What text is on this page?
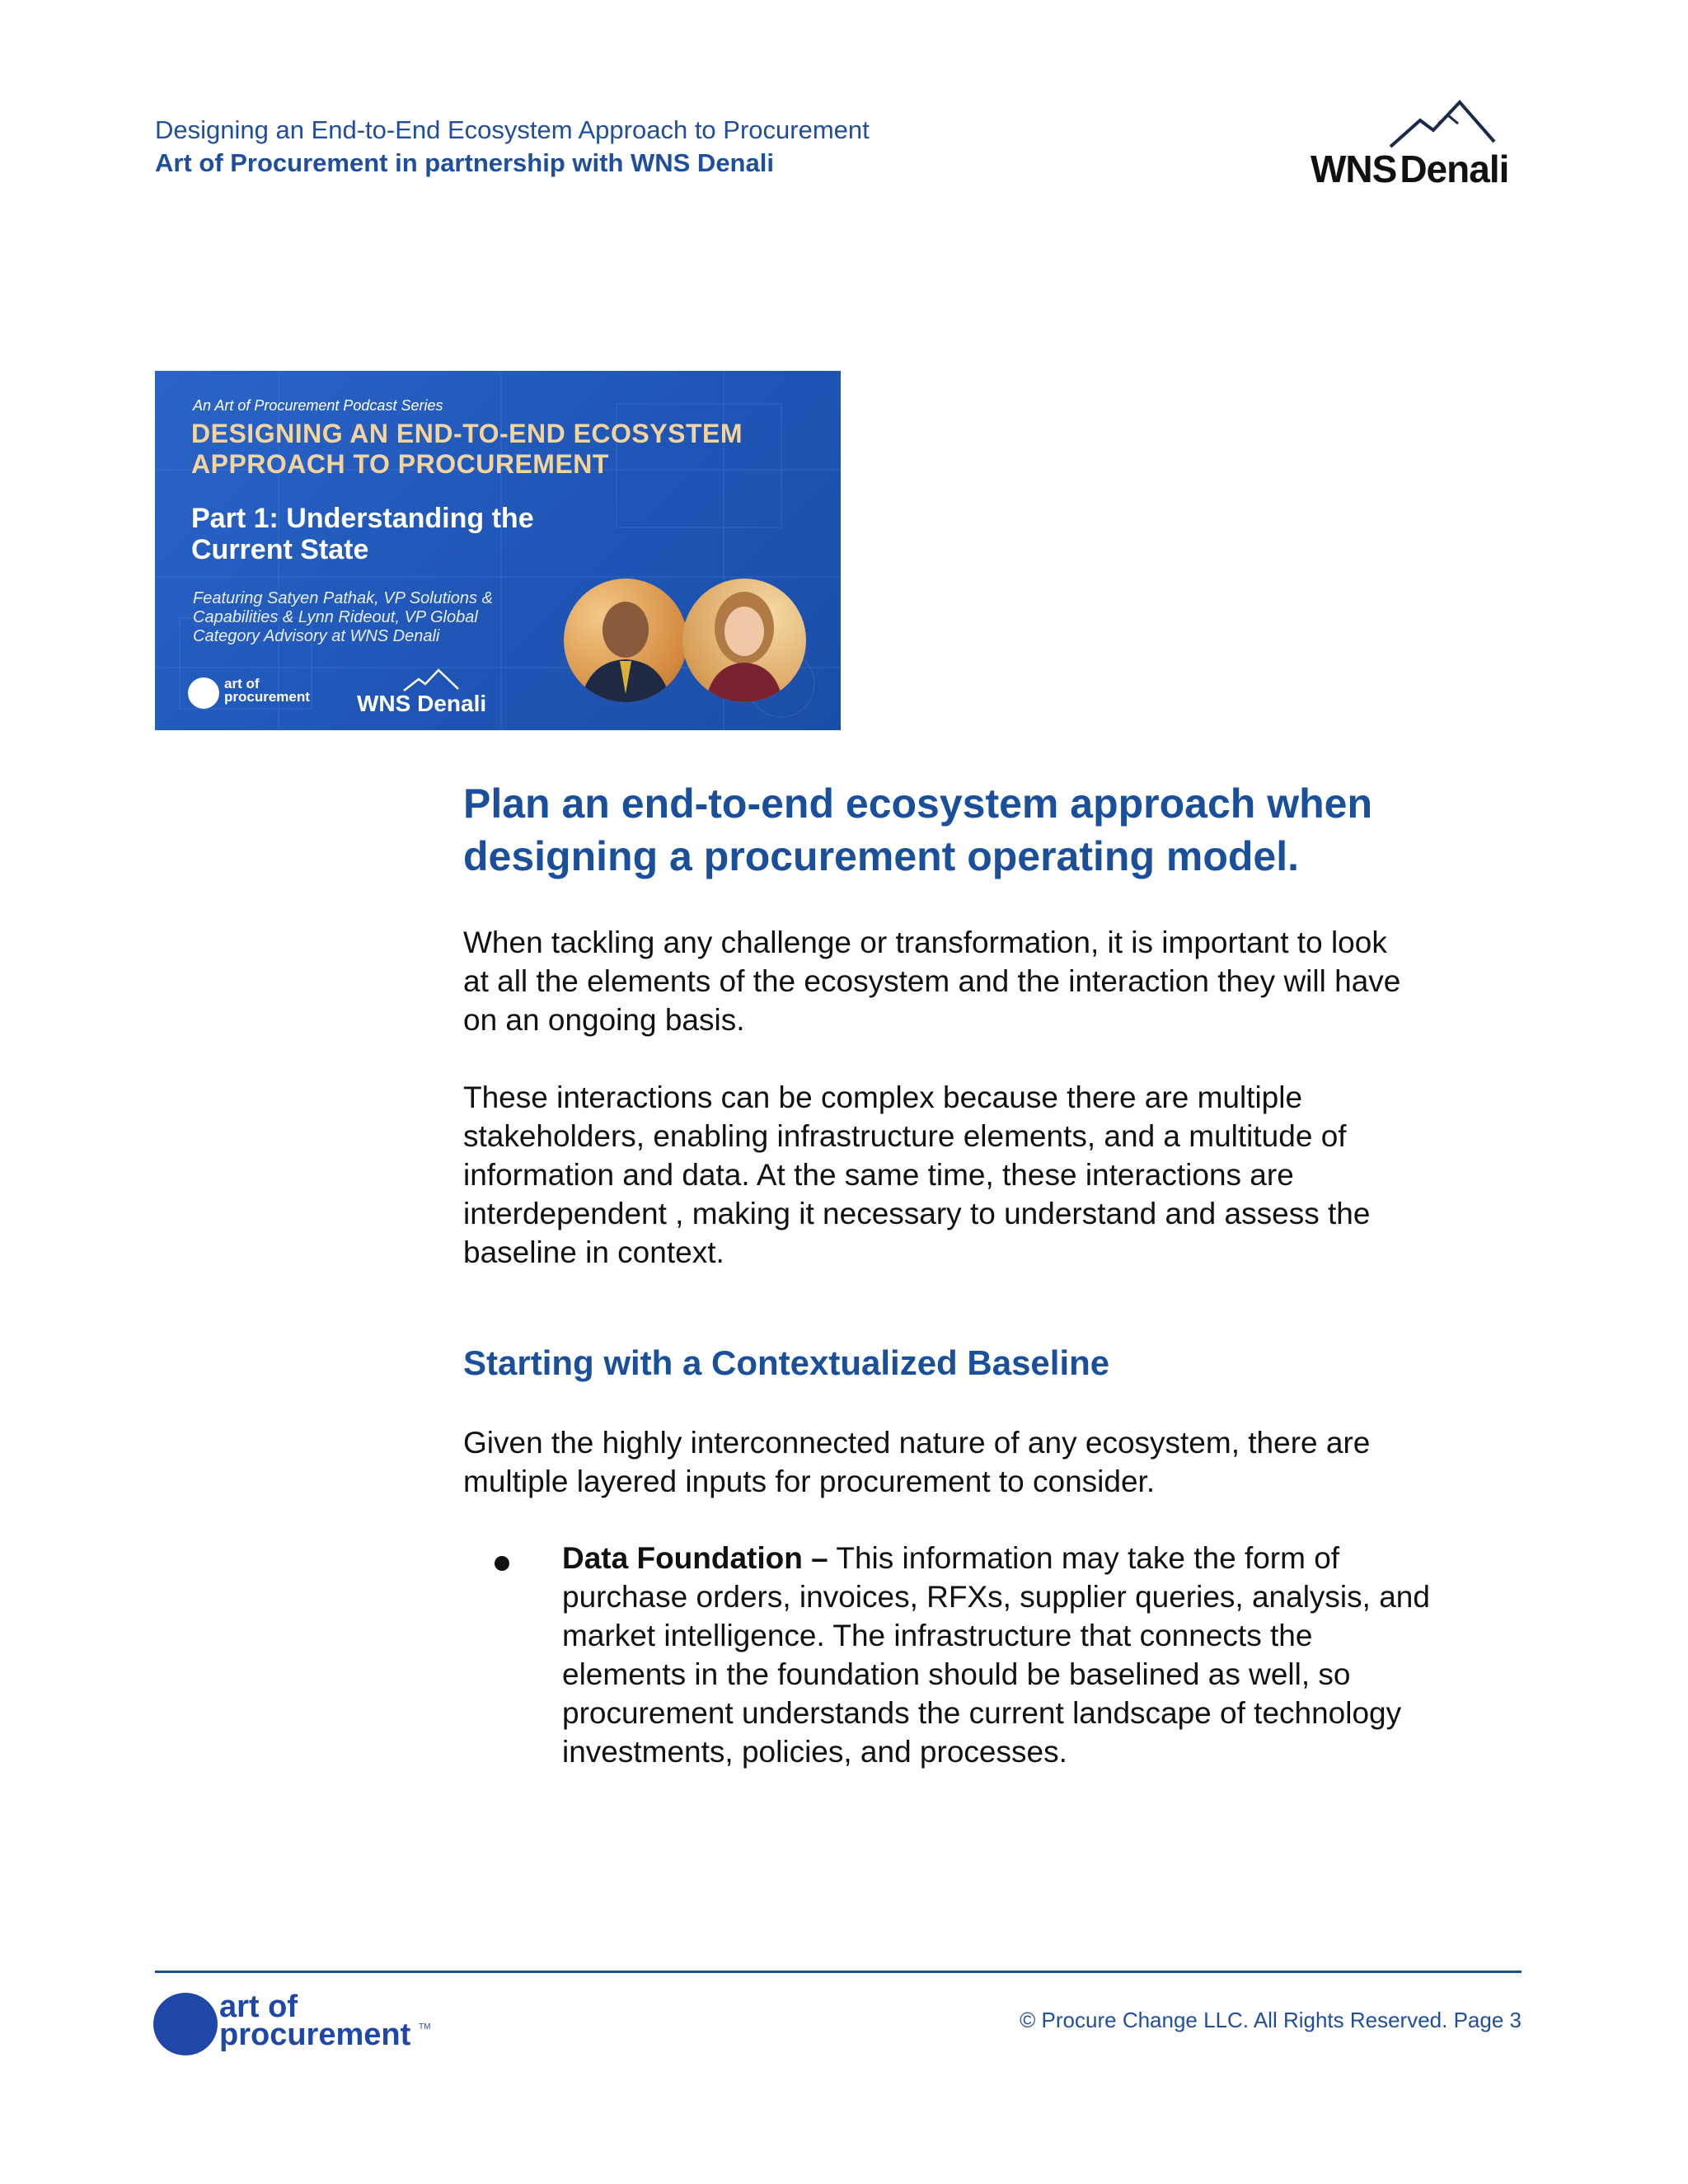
Designing an End-to-End Ecosystem Approach to Procurement
Art of Procurement in partnership with WNS Denali	WNSDenali
An Art of Procurement Podcast Series
DESIGNING AN END-TO-END ECOSYSTEM
APPROACH TO PROCUREMENT
Part 1: Understanding the
Current State
Featuring Satyen Pathak, VP Solutions &
Capabilities & Lynn Rideout, VP Global
Category Advisory at WNS Denali
art of
procurement WNS Denali
Plan an end-to-end ecosystem approach when
designing a procurement operating model.
When tackling any challenge or transformation, it is important to look
at all the elements of the ecosystem and the interaction they will have
on an ongoing basis.
These interactions can be complex because there are multiple
stakeholders, enabling infrastructure elements, and a multitude of
information and data. At the same time, these interactions are
interdependent , making it necessary to understand and assess the
baseline in context.
Starting with a Contextualized Baseline
Given the highly interconnected nature of any ecosystem, there are
multiple layered inputs for procurement to consider.
Data Foundation – This information may take the form of
purchase orders, invoices, RFXs, supplier queries, analysis, and
market intelligence. The infrastructure that connects the
elements in the foundation should be baselined as well, so
procurement understands the current landscape of technology
investments, policies, and processes.
art of
procurement TM	© Procure Change LLC. All Rights Reserved. Page 3
